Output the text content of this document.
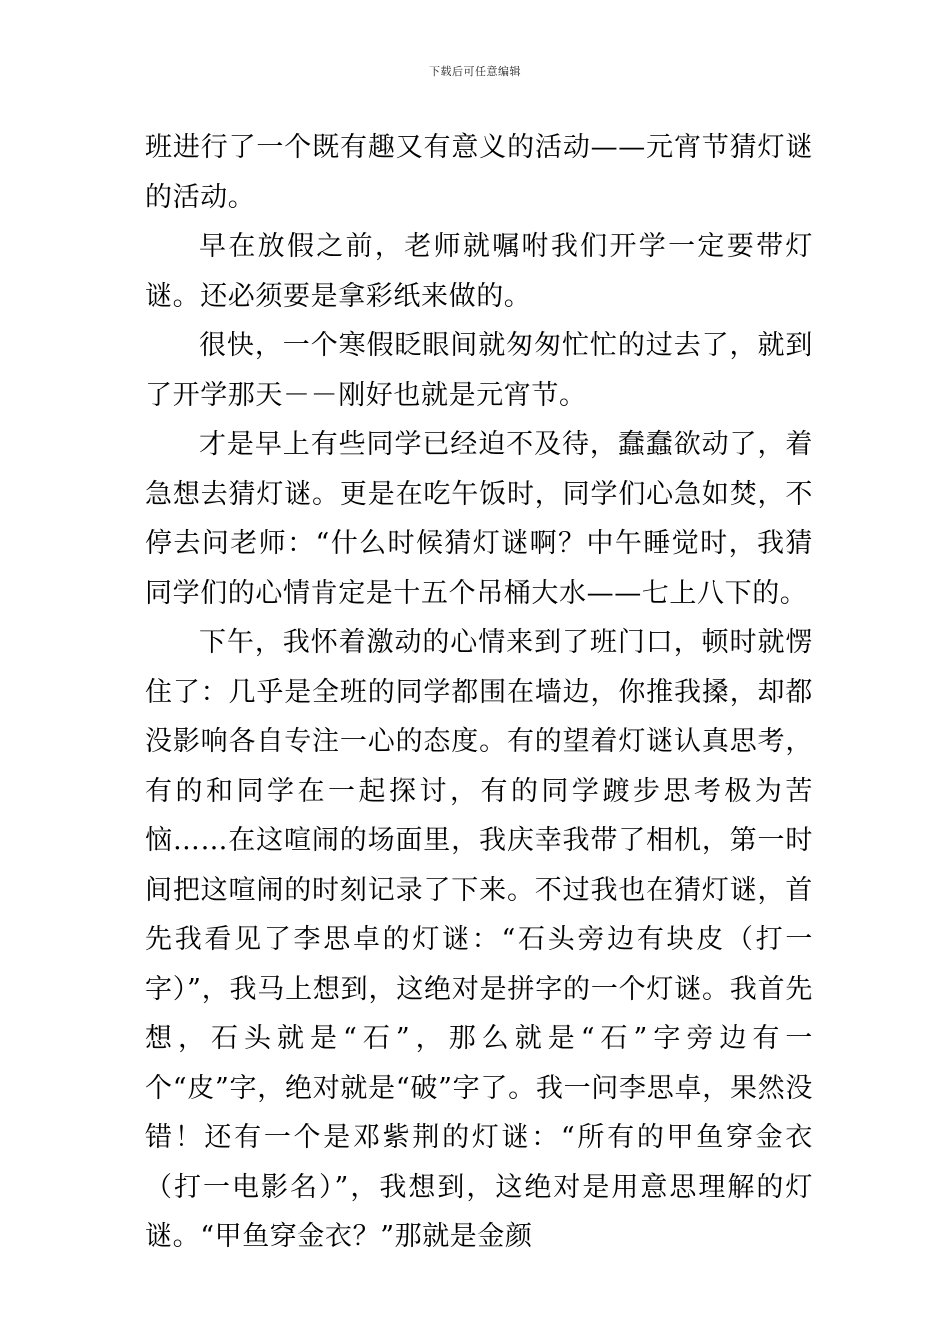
下载后可任意编辑

班进行了一个既有趣又有意义的活动——元宵节猜灯谜的活动。

早在放假之前，老师就嘱咐我们开学一定要带灯谜。还必须要是拿彩纸来做的。

很快，一个寒假眨眼间就匆匆忙忙的过去了，就到了开学那天－－刚好也就是元宵节。

才是早上有些同学已经迫不及待，蠢蠢欲动了，着急想去猜灯谜。更是在吃午饭时，同学们心急如焚，不停去问老师：“什么时候猜灯谜啊？中午睡觉时，我猜同学们的心情肯定是十五个吊桶大水——七上八下的。

下午，我怀着激动的心情来到了班门口，顿时就愣住了：几乎是全班的同学都围在墙边，你推我搡，却都没影响各自专注一心的态度。有的望着灯谜认真思考，有的和同学在一起探讨，有的同学踱步思考极为苦恼……在这喧闹的场面里，我庆幸我带了相机，第一时间把这喧闹的时刻记录了下来。不过我也在猜灯谜，首先我看见了李思卓的灯谜：“石头旁边有块皮（打一字）”，我马上想到，这绝对是拼字的一个灯谜。我首先想，石头就是“石”，那么就是“石”字旁边有一个“皮”字，绝对就是“破”字了。我一问李思卓，果然没错！还有一个是邓紫荆的灯谜：“所有的甲鱼穿金衣（打一电影名）”，我想到，这绝对是用意思理解的灯谜。“甲鱼穿金衣？”那就是金颜
